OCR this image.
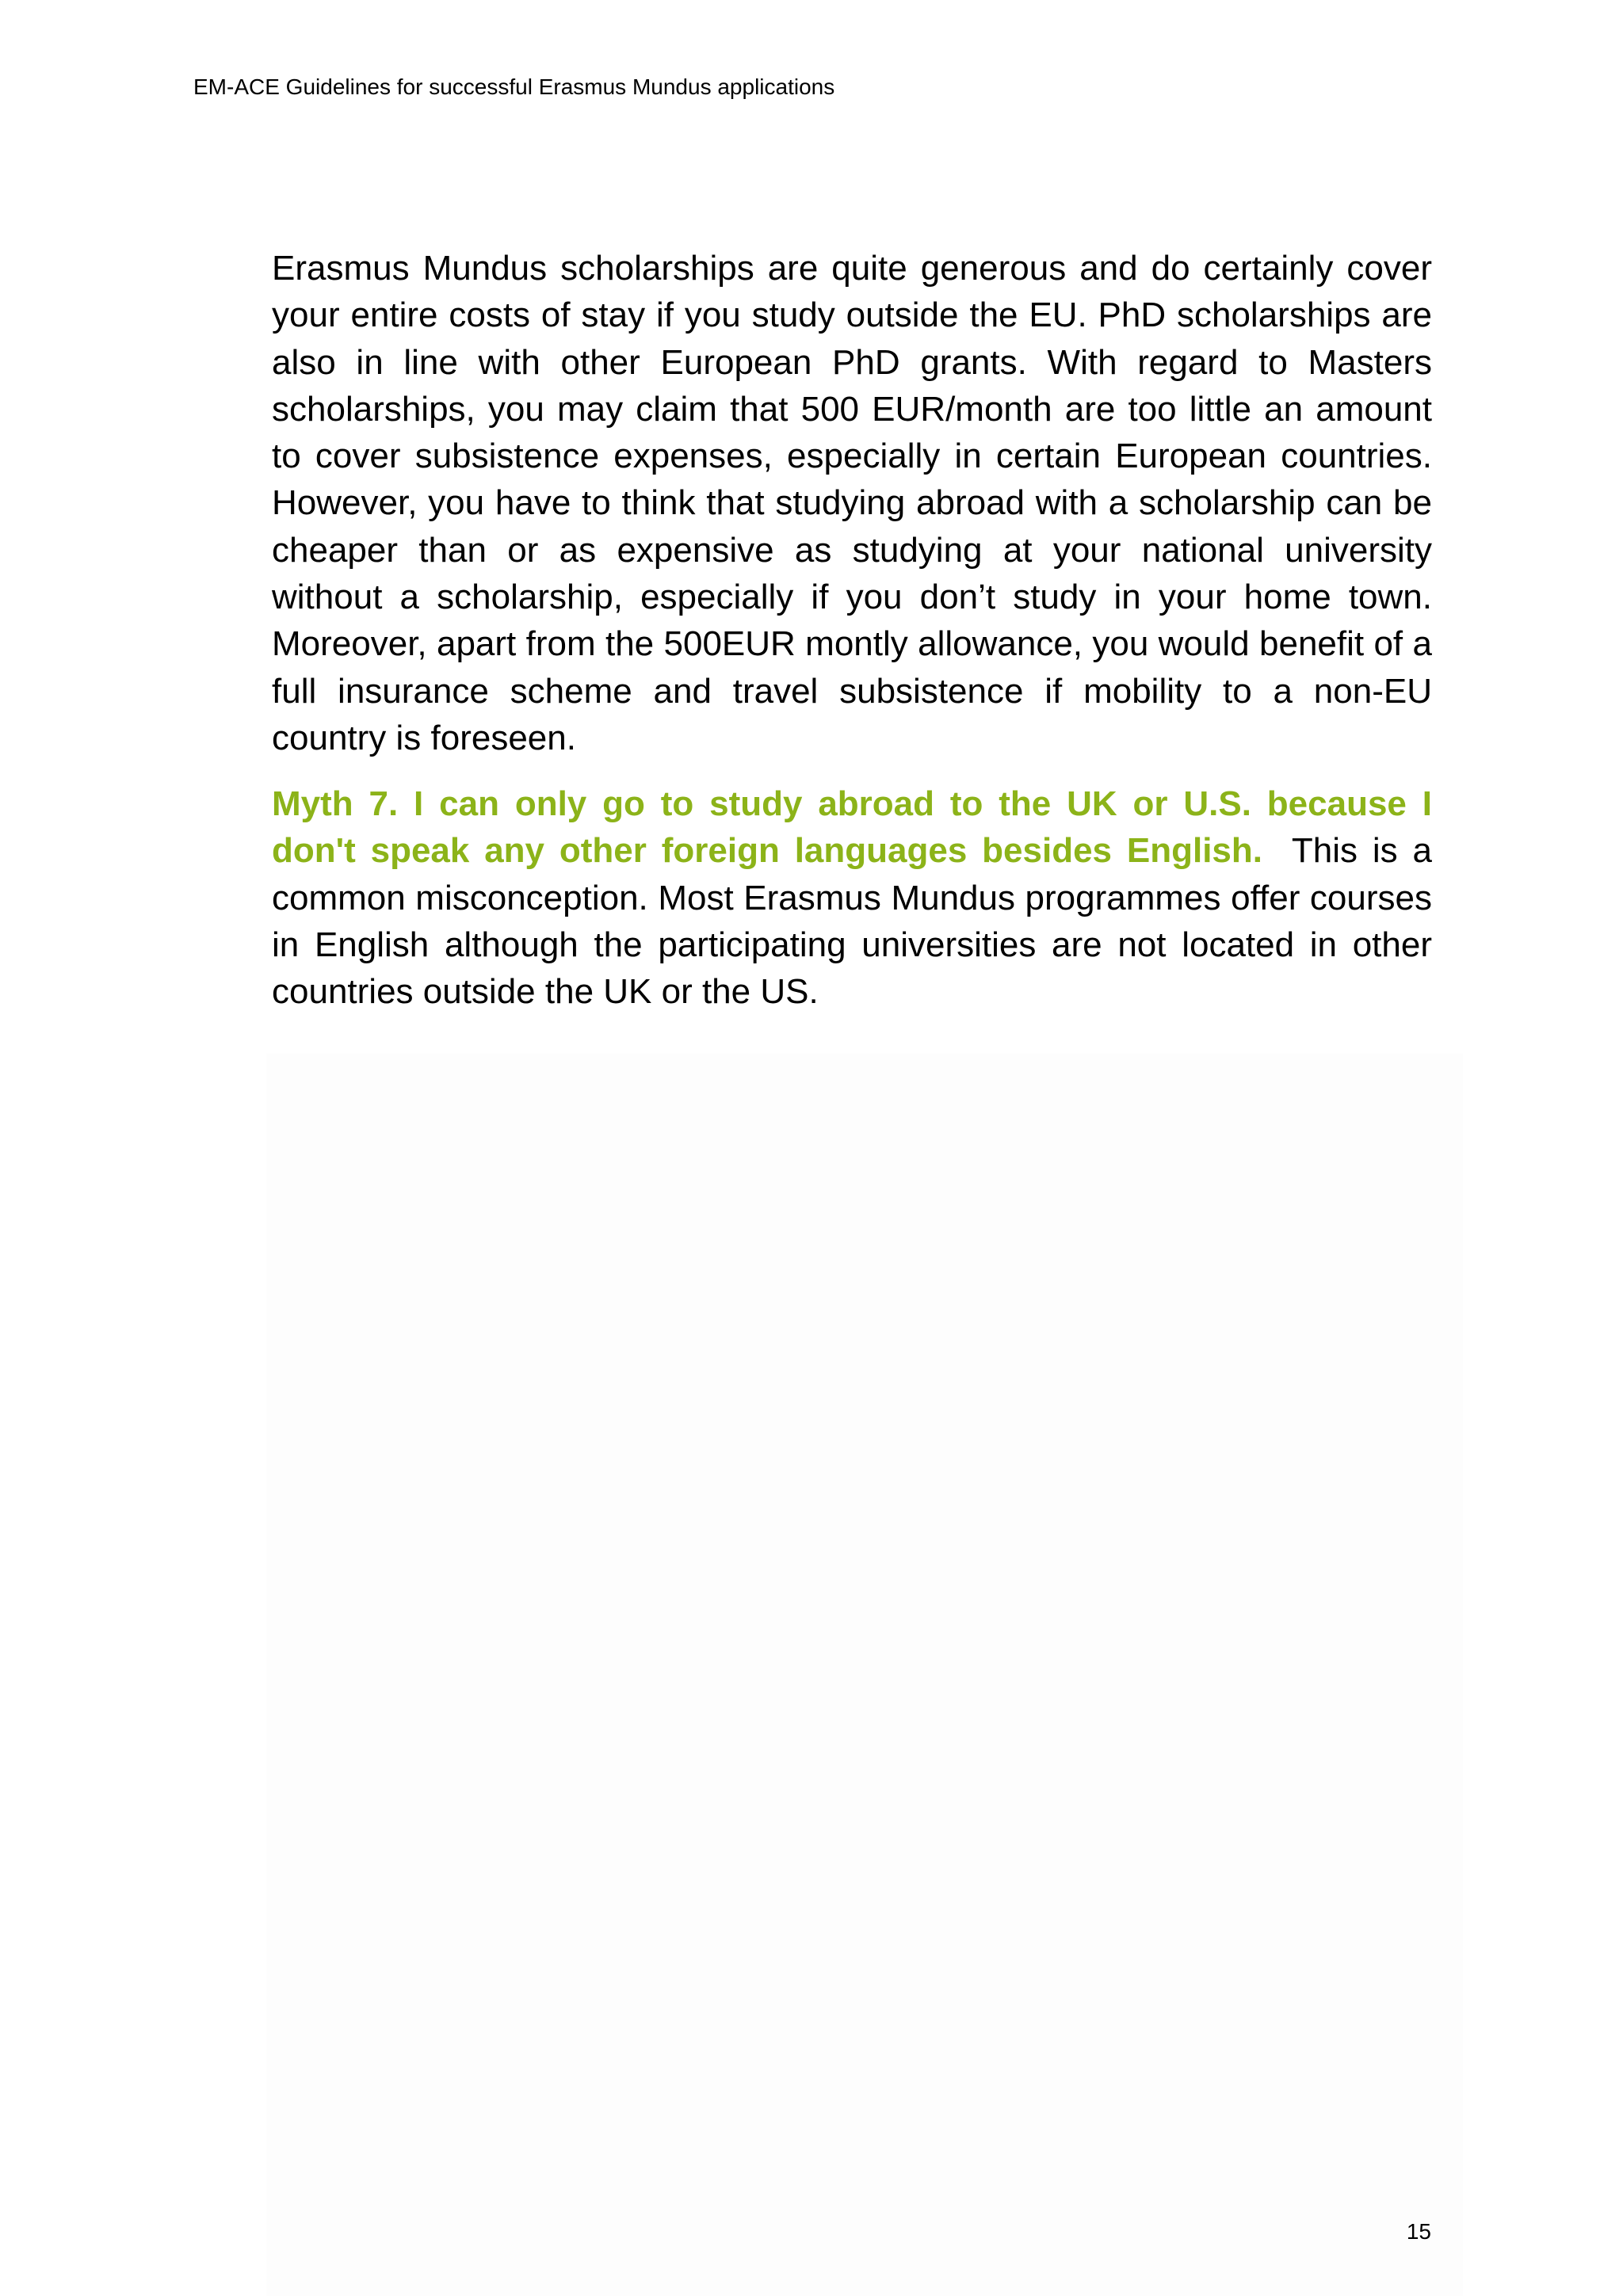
EM-ACE Guidelines for successful Erasmus Mundus applications

Erasmus Mundus scholarships are quite generous and do certainly cover your entire costs of stay if you study outside the EU. PhD scholarships are also in line with other European PhD grants. With regard to Masters scholarships, you may claim that 500 EUR/month are too little an amount to cover subsistence expenses, especially in certain European countries. However, you have to think that studying abroad with a scholarship can be cheaper than or as expensive as studying at your national university without a scholarship, especially if you don’t study in your home town. Moreover, apart from the 500EUR montly allowance, you would benefit of a full insurance scheme and travel subsistence if mobility to a non-EU country is foreseen.

Myth 7. I can only go to study abroad to the UK or U.S. because I don't speak any other foreign languages besides English. This is a common misconception. Most Erasmus Mundus programmes offer courses in English although the participating universities are not located in other countries outside the UK or the US.

15
